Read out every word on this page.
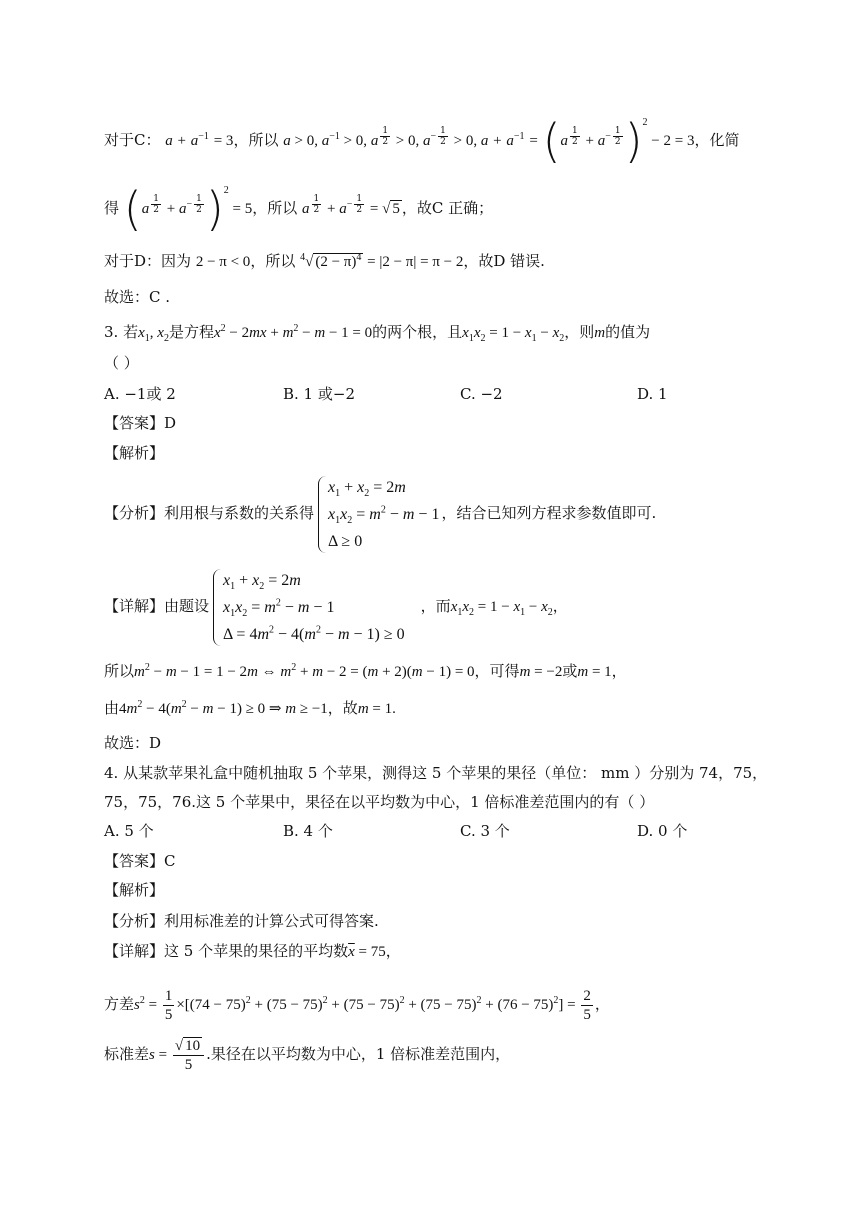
对于C： $a + a^{-1} = 3$，所以 a > 0, $a^{-1} > 0$, a $^{\frac{1}{2}}$ > 0, $a^{- \frac{1}{2}} > 0$, $a + a^{-1} = (a$ $^{\frac{1}{2}} + a^{- \frac{1}{2}}$ )$^2$ − 2 = 3，化简
得 (a $^{\frac{1}{2}} + a^{- \frac{1}{2}}$ )$^2$ = 5，所以 a $^{\frac{1}{2}} + a^{- \frac{1}{2}}$ = √ 5 ，故C 正确；
对于D：因为 2 − π < 0，所以 $^4$√ $(2 - \pi)^4 = |2 - \pi| = \pi - 2$，故D 错误.
故选：C .
3. 若$x_1$, $x_2$是方程$x^2 - 2mx + m^2 - m - 1 = 0$的两个根，且$x_1x_2 = 1 - x_1 - x_2$，则m的值为
（ ）
A. −1或 2	B. 1 或−2	C. −2	D. 1
【答案】D
【解析】
【分析】利用根与系数的关系得
$x_1 + x_2 = 2m$
$x_1x_2 = m^2 - m - 1$
Δ ≥ 0
，结合已知列方程求参数值即可.
【详解】由题设
$x_1 + x_2 = 2m$
$x_1x_2 = m^2 - m - 1$
$\Delta = 4m^2 - 4(m^2 - m - 1) \ge 0$
，而$x_1x_2 = 1 - x_1 - x_2$，
所以$m^2 - m - 1 = 1 - 2m$ ⇔ $m^2 + m - 2 = (m + 2)(m - 1) = 0$，可得m = −2或m = 1，
由$4m^2 - 4(m^2 - m - 1) \ge 0$ ⇒ m ≥ −1，故m = 1.
故选：D
4. 从某款苹果礼盒中随机抽取 5 个苹果，测得这 5 个苹果的果径（单位： mm ）分别为 74，75，
75，75，76.这 5 个苹果中，果径在以平均数为中心，1 倍标准差范围内的有（ ）
A. 5 个	B. 4 个	C. 3 个	D. 0 个
【答案】C
【解析】
【分析】利用标准差的计算公式可得答案.
【详解】这 5 个苹果的果径的平均数$\overline{x} = 75$，
方差$s^2 = \frac{1}{5} \times[(74 - 75)^2 + (75 - 75)^2 + (75 - 75)^2 + (75 - 75)^2 + (76 - 75)^2] = \frac{2}{5}$ ，
标准差$s = \frac{√ 10}{5}$ .果径在以平均数为中心，1 倍标准差范围内，
